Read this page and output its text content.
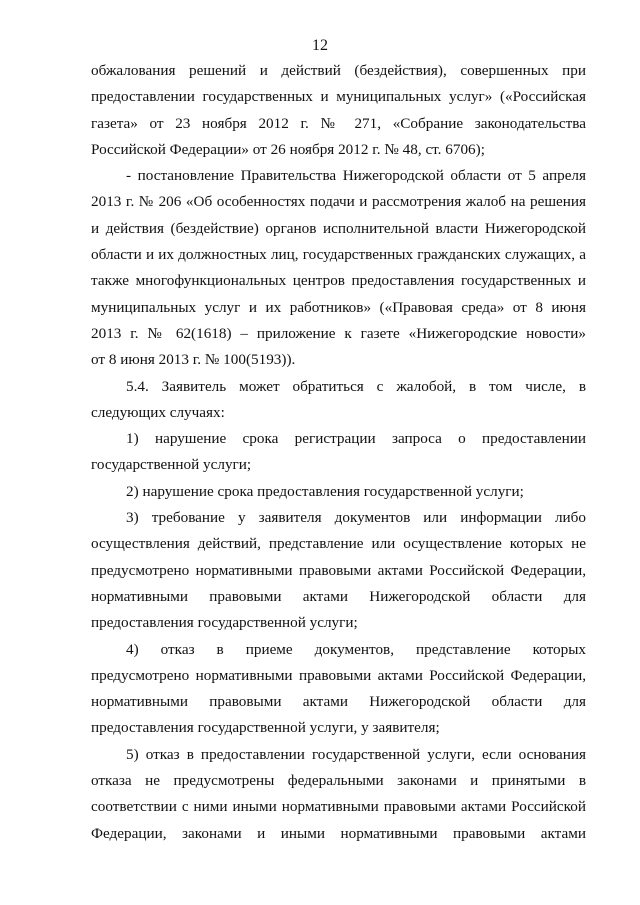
12

обжалования решений и действий (бездействия), совершенных при
предоставлении государственных и муниципальных услуг» («Российская
газета» от 23 ноября 2012 г. № 271, «Собрание законодательства
Российской Федерации» от 26 ноября 2012 г. № 48, ст. 6706);

- постановление Правительства Нижегородской области от 5 апреля
2013 г. № 206 «Об особенностях подачи и рассмотрения жалоб на решения
и действия (бездействие) органов исполнительной власти Нижегородской
области и их должностных лиц, государственных гражданских служащих, а
также многофункциональных центров предоставления государственных и
муниципальных услуг и их работников» («Правовая среда» от 8 июня
2013 г. № 62(1618) – приложение к газете «Нижегородские новости»
от 8 июня 2013 г. № 100(5193)).

5.4. Заявитель может обратиться с жалобой, в том числе, в
следующих случаях:

1) нарушение срока регистрации запроса о предоставлении
государственной услуги;

2) нарушение срока предоставления государственной услуги;

3) требование у заявителя документов или информации либо
осуществления действий, представление или осуществление которых не
предусмотрено нормативными правовыми актами Российской Федерации,
нормативными правовыми актами Нижегородской области для
предоставления государственной услуги;

4) отказ в приеме документов, представление которых
предусмотрено нормативными правовыми актами Российской Федерации,
нормативными правовыми актами Нижегородской области для
предоставления государственной услуги, у заявителя;

5) отказ в предоставлении государственной услуги, если основания
отказа не предусмотрены федеральными законами и принятыми в
соответствии с ними иными нормативными правовыми актами Российской
Федерации, законами и иными нормативными правовыми актами
